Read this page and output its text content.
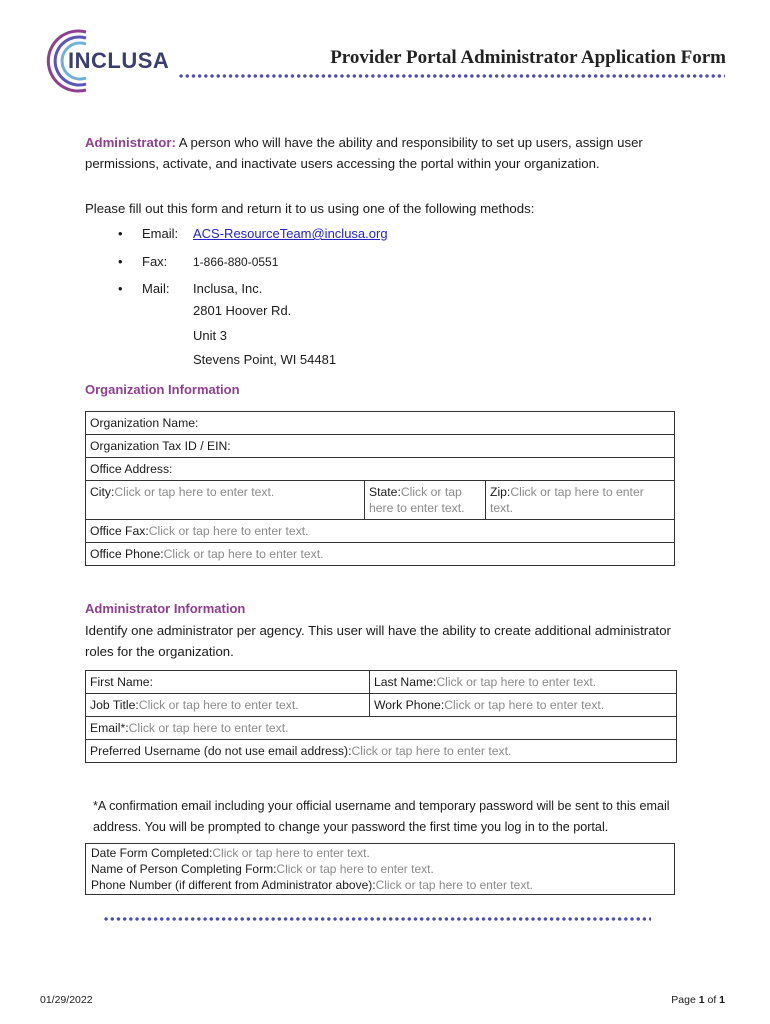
INCLUSA	Provider Portal Administrator Application Form
Administrator: A person who will have the ability and responsibility to set up users, assign user permissions, activate, and inactivate users accessing the portal within your organization.
Please fill out this form and return it to us using one of the following methods:
• Email: ACS-ResourceTeam@inclusa.org
• Fax: 1-866-880-0551
• Mail: Inclusa, Inc.
2801 Hoover Rd.
Unit 3
Stevens Point, WI 54481
Organization Information
Organization Name:
Organization Tax ID / EIN:
Office Address:
City:Click or tap here to enter text.	State:Click or tap here to enter text.	Zip:Click or tap here to enter text.
Office Fax:Click or tap here to enter text.
Office Phone:Click or tap here to enter text.
Administrator Information
Identify one administrator per agency. This user will have the ability to create additional administrator roles for the organization.
First Name:	Last Name:Click or tap here to enter text.
Job Title:Click or tap here to enter text.	Work Phone:Click or tap here to enter text.
Email*:Click or tap here to enter text.	
Preferred Username (do not use email address):Click or tap here to enter text.	
*A confirmation email including your official username and temporary password will be sent to this email address. You will be prompted to change your password the first time you log in to the portal.
Date Form Completed:Click or tap here to enter text.
Name of Person Completing Form:Click or tap here to enter text.
Phone Number (if different from Administrator above):Click or tap here to enter text.
01/29/2022	Page 1 of 1
